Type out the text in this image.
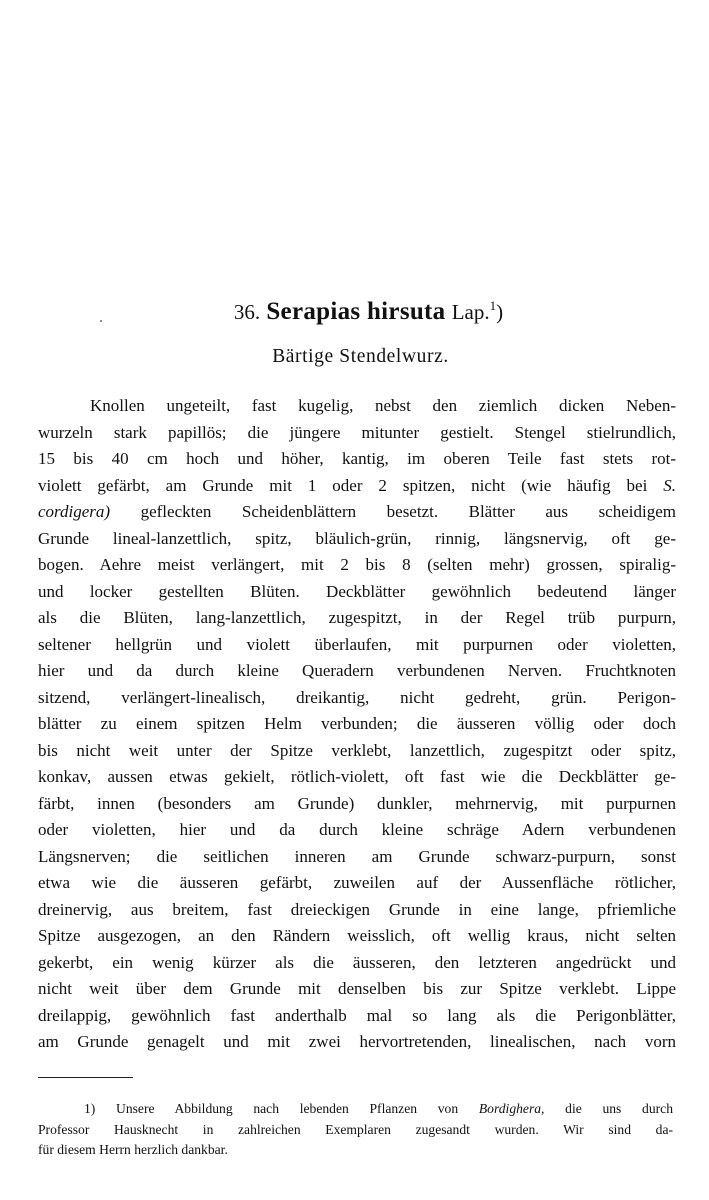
36. Serapias hirsuta Lap.$^1$)
Bärtige Stendelwurz.
Knollen ungeteilt, fast kugelig, nebst den ziemlich dicken Neben-
wurzeln stark papillös; die jüngere mitunter gestielt. Stengel stielrundlich,
15 bis 40 cm hoch und höher, kantig, im oberen Teile fast stets rot-
violett gefärbt, am Grunde mit 1 oder 2 spitzen, nicht (wie häufig bei S.
cordigera) gefleckten Scheidenblättern besetzt. Blätter aus scheidigem
Grunde lineal-lanzettlich, spitz, bläulich-grün, rinnig, längsnervig, oft ge-
bogen. Aehre meist verlängert, mit 2 bis 8 (selten mehr) grossen, spiralig-
und locker gestellten Blüten. Deckblätter gewöhnlich bedeutend länger
als die Blüten, lang-lanzettlich, zugespitzt, in der Regel trüb purpurn,
seltener hellgrün und violett überlaufen, mit purpurnen oder violetten,
hier und da durch kleine Queradern verbundenen Nerven. Fruchtknoten
sitzend, verlängert-linealisch, dreikantig, nicht gedreht, grün. Perigon-
blätter zu einem spitzen Helm verbunden; die äusseren völlig oder doch
bis nicht weit unter der Spitze verklebt, lanzettlich, zugespitzt oder spitz,
konkav, aussen etwas gekielt, rötlich-violett, oft fast wie die Deckblätter ge-
färbt, innen (besonders am Grunde) dunkler, mehrnervig, mit purpurnen
oder violetten, hier und da durch kleine schräge Adern verbundenen
Längsnerven; die seitlichen inneren am Grunde schwarz-purpurn, sonst
etwa wie die äusseren gefärbt, zuweilen auf der Aussenfläche rötlicher,
dreinervig, aus breitem, fast dreieckigen Grunde in eine lange, pfriemliche
Spitze ausgezogen, an den Rändern weisslich, oft wellig kraus, nicht selten
gekerbt, ein wenig kürzer als die äusseren, den letzteren angedrückt und
nicht weit über dem Grunde mit denselben bis zur Spitze verklebt. Lippe
dreilappig, gewöhnlich fast anderthalb mal so lang als die Perigonblätter,
am Grunde genagelt und mit zwei hervortretenden, linealischen, nach vorn
1) Unsere Abbildung nach lebenden Pflanzen von Bordighera, die uns durch
Professor Hausknecht in zahlreichen Exemplaren zugesandt wurden. Wir sind da-
für diesem Herrn herzlich dankbar.
